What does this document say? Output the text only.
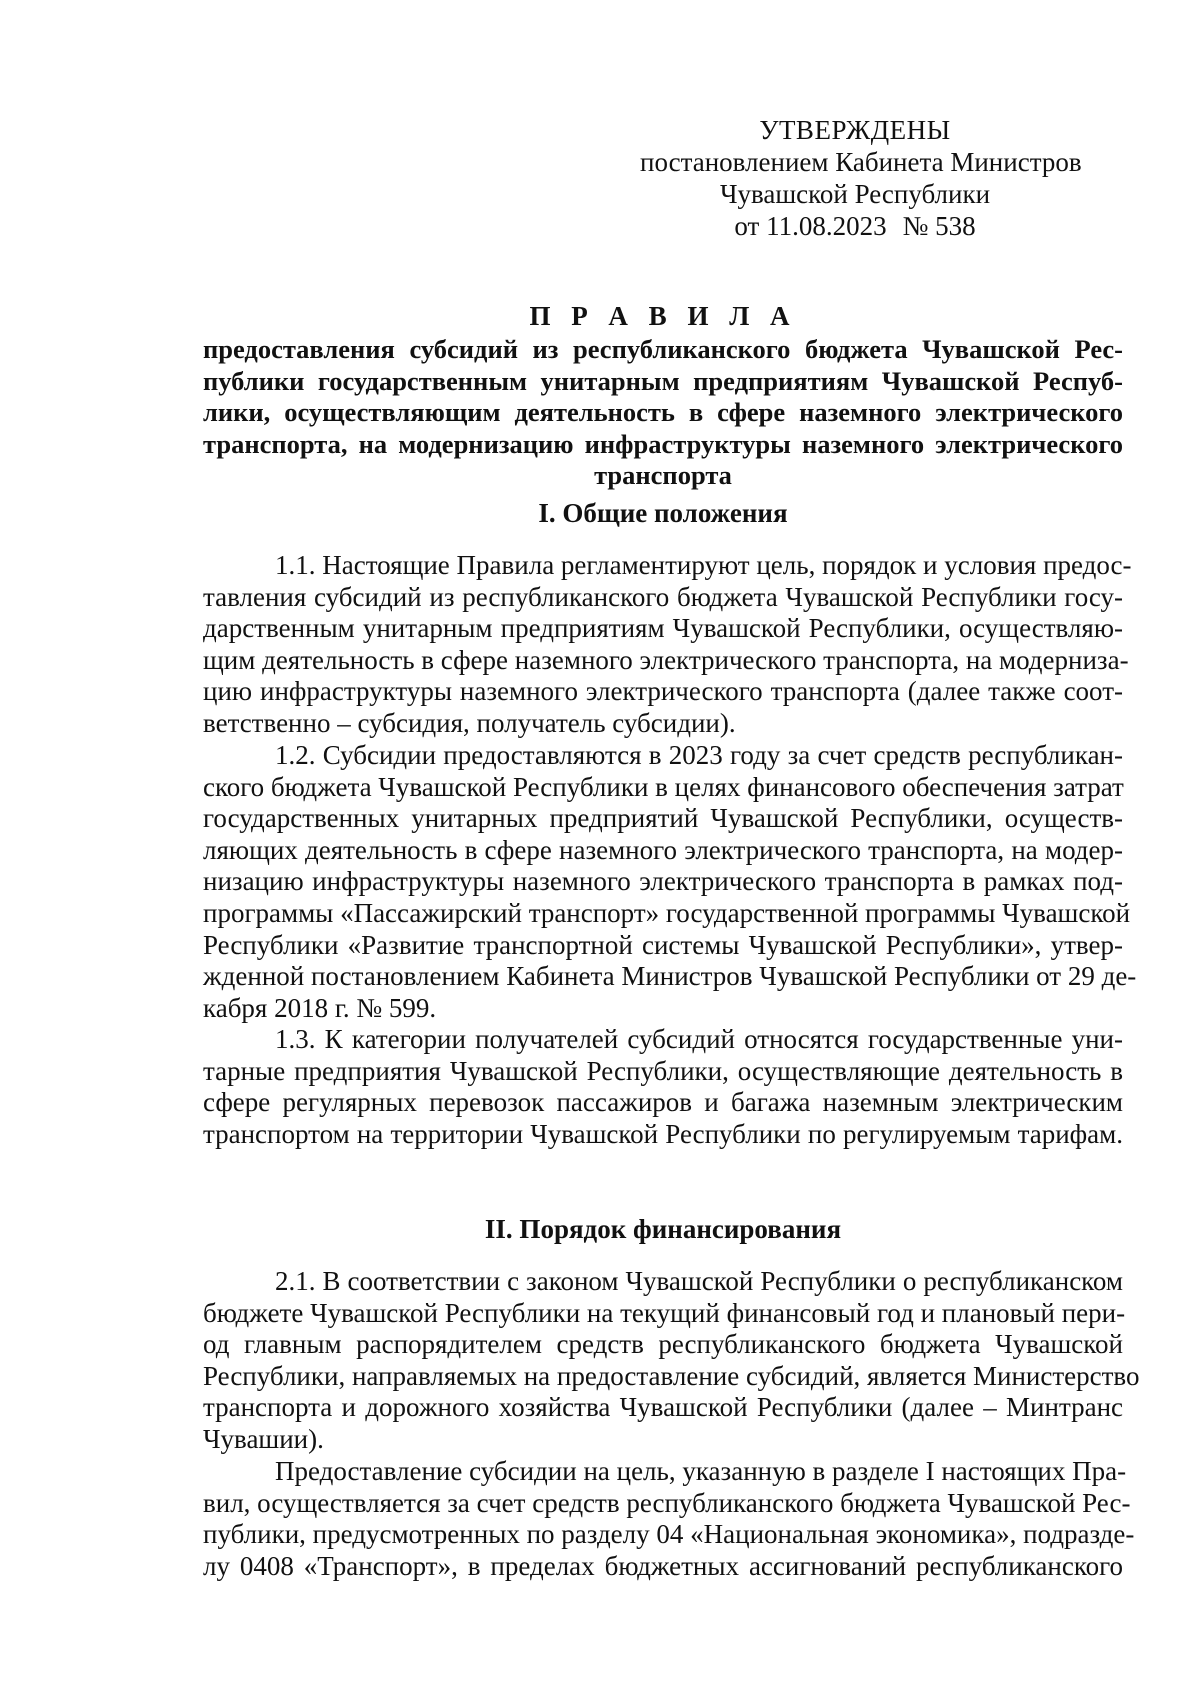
УТВЕРЖДЕНЫ
постановлением Кабинета Министров
Чувашской Республики
от 11.08.2023 № 538
П Р А В И Л А

предоставления субсидий из республиканского бюджета Чувашской Рес-
публики государственным унитарным предприятиям Чувашской Респуб-
лики, осуществляющим деятельность в сфере наземного электрического
транспорта, на модернизацию инфраструктуры наземного электрического
транспорта

I. Общие положения

1.1. Настоящие Правила регламентируют цель, порядок и условия предос-
тавления субсидий из республиканского бюджета Чувашской Республики госу-
дарственным унитарным предприятиям Чувашской Республики, осуществляю-
щим деятельность в сфере наземного электрического транспорта, на модерниза-
цию инфраструктуры наземного электрического транспорта (далее также соот-
ветственно – субсидия, получатель субсидии).

1.2. Субсидии предоставляются в 2023 году за счет средств республикан-
ского бюджета Чувашской Республики в целях финансового обеспечения затрат
государственных унитарных предприятий Чувашской Республики, осуществ-
ляющих деятельность в сфере наземного электрического транспорта, на модер-
низацию инфраструктуры наземного электрического транспорта в рамках под-
программы «Пассажирский транспорт» государственной программы Чувашской
Республики «Развитие транспортной системы Чувашской Республики», утвер-
жденной постановлением Кабинета Министров Чувашской Республики от 29 де-
кабря 2018 г. № 599.

1.3. К категории получателей субсидий относятся государственные уни-
тарные предприятия Чувашской Республики, осуществляющие деятельность в
сфере регулярных перевозок пассажиров и багажа наземным электрическим
транспортом на территории Чувашской Республики по регулируемым тарифам.

II. Порядок финансирования

2.1. В соответствии с законом Чувашской Республики о республиканском
бюджете Чувашской Республики на текущий финансовый год и плановый пери-
од главным распорядителем средств республиканского бюджета Чувашской
Республики, направляемых на предоставление субсидий, является Министерство
транспорта и дорожного хозяйства Чувашской Республики (далее – Минтранс
Чувашии).

Предоставление субсидии на цель, указанную в разделе I настоящих Пра-
вил, осуществляется за счет средств республиканского бюджета Чувашской Рес-
публики, предусмотренных по разделу 04 «Национальная экономика», подразде-
лу 0408 «Транспорт», в пределах бюджетных ассигнований республиканского
